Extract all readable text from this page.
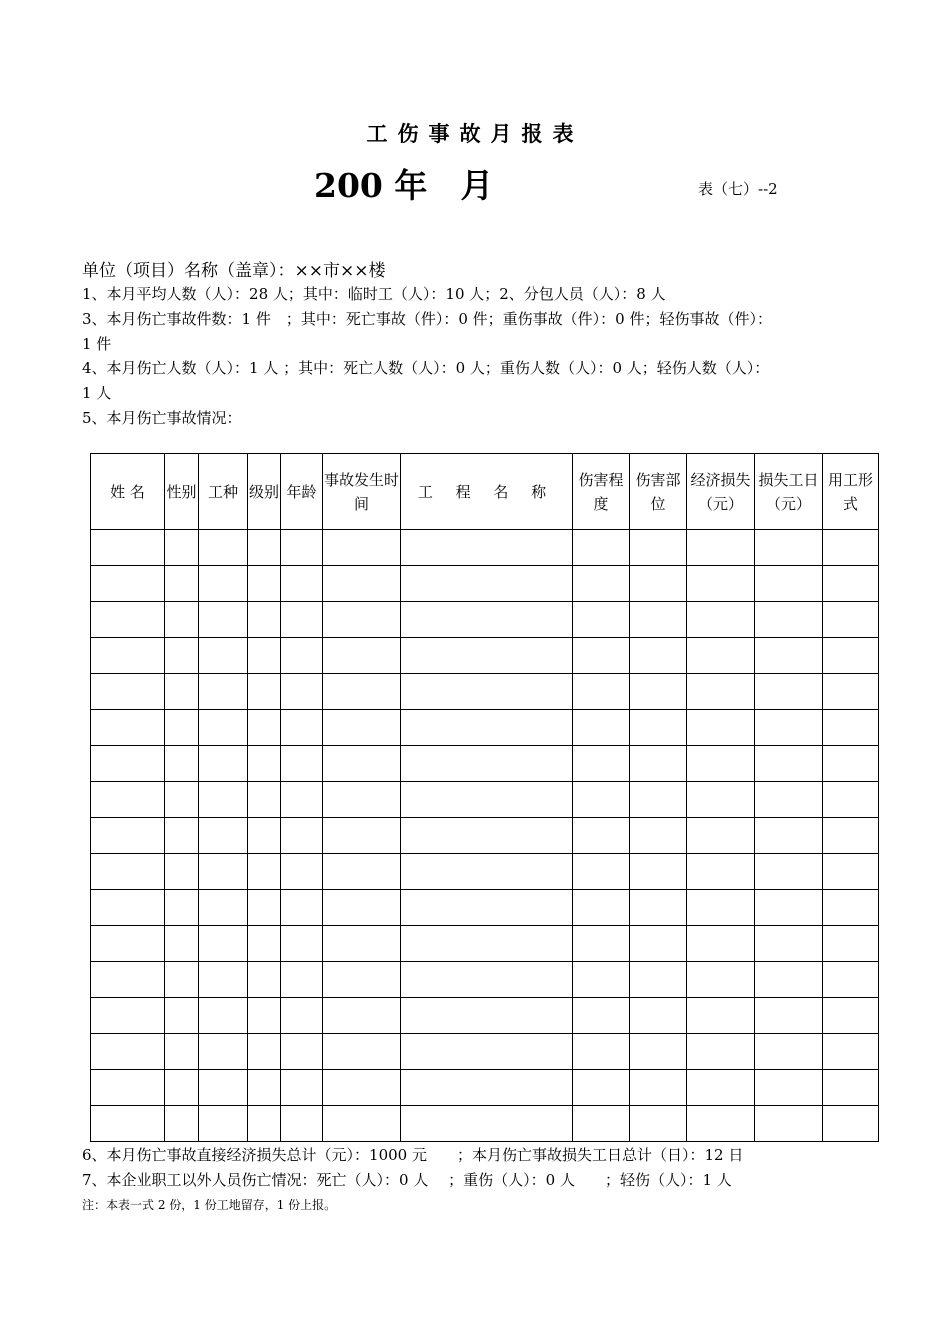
工伤事故月报表
200 年　月	表（七）--2
单位（项目）名称（盖章）：××市××楼
1、本月平均人数（人）：28 人；其中：临时工（人）：10 人；2、分包人员（人）：8 人
3、本月伤亡事故件数：1 件　；其中：死亡事故（件）：0 件；重伤事故（件）：0 件；轻伤事故（件）：
1 件
4、本月伤亡人数（人）：1 人 ；其中：死亡人数（人）：0 人；重伤人数（人）：0 人；轻伤人数（人）：
1 人
5、本月伤亡事故情况：
姓 名	性别	工种	级别	年龄	事故发生时间	工 程 名 称	伤害程度	伤害部位	经济损失（元）	损失工日（元）	用工形式

6、本月伤亡事故直接经济损失总计（元）：1000 元　　；本月伤亡事故损失工日总计（日）：12 日
7、本企业职工以外人员伤亡情况：死亡（人）：0 人　 ；重伤（人）：0 人　　；轻伤（人）：1 人
注：本表一式 2 份，1 份工地留存，1 份上报。
